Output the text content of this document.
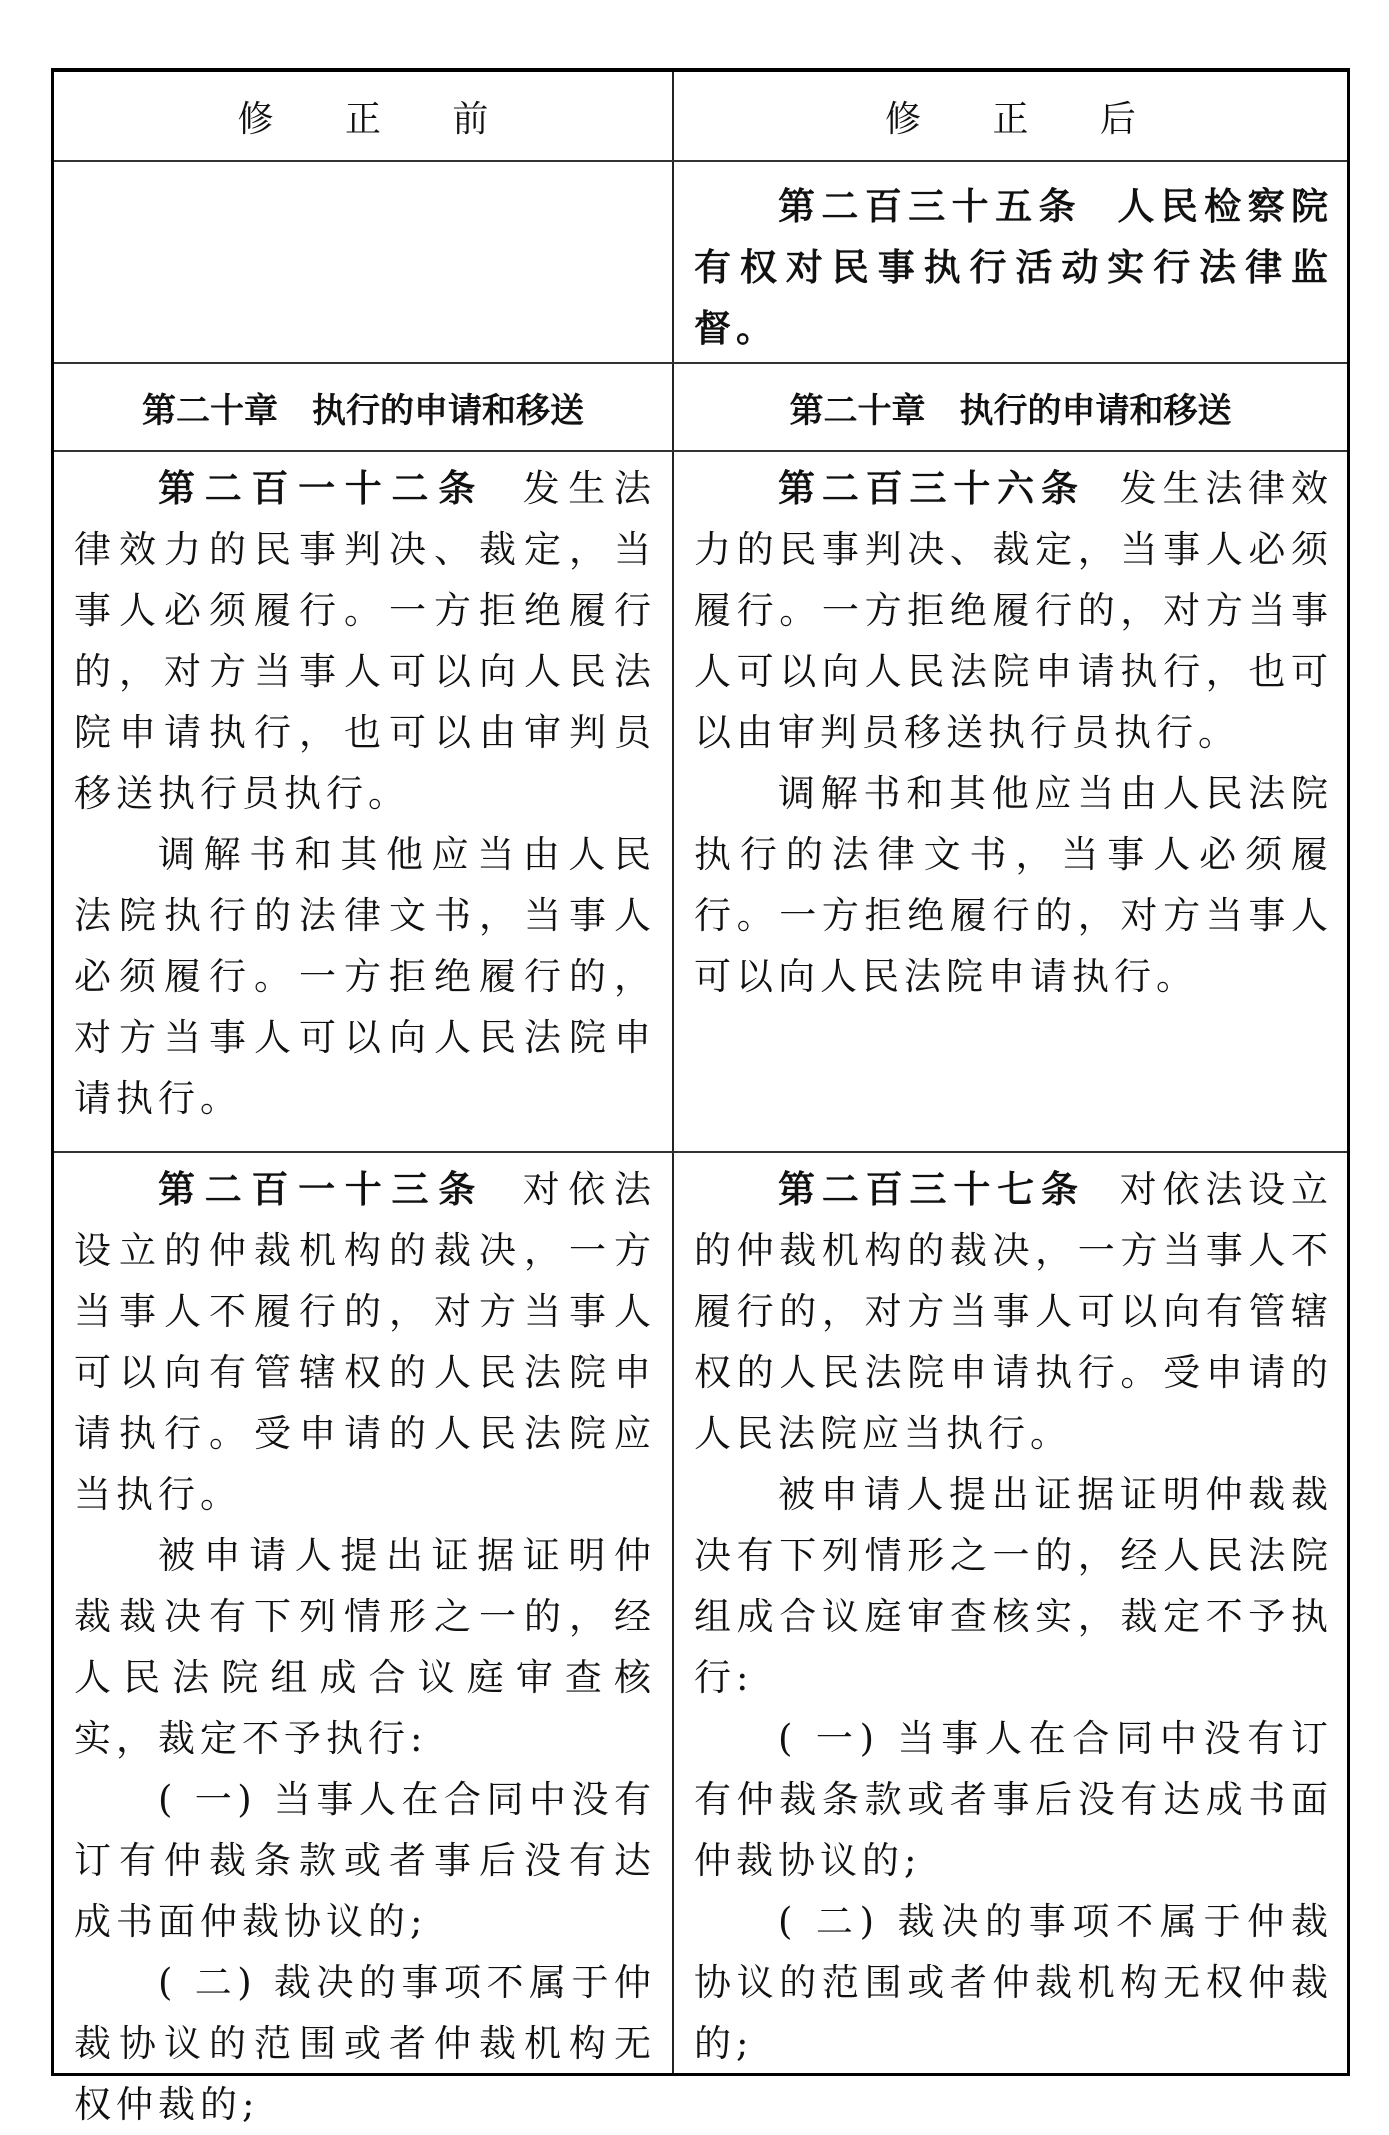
修 正 前	修 正 后

第二百三十五条 人民检察院有权对民事执行活动实行法律监督。

第二十章 执行的申请和移送	第二十章 执行的申请和移送

第二百一十二条 发生法律效力的民事判决、裁定，当事人必须履行。一方拒绝履行的，对方当事人可以向人民法院申请执行，也可以由审判员移送执行员执行。

调解书和其他应当由人民法院执行的法律文书，当事人必须履行。一方拒绝履行的，对方当事人可以向人民法院申请执行。

第二百三十六条 发生法律效力的民事判决、裁定，当事人必须履行。一方拒绝履行的，对方当事人可以向人民法院申请执行，也可以由审判员移送执行员执行。

调解书和其他应当由人民法院执行的法律文书，当事人必须履行。一方拒绝履行的，对方当事人可以向人民法院申请执行。

第二百一十三条 对依法设立的仲裁机构的裁决，一方当事人不履行的，对方当事人可以向有管辖权的人民法院申请执行。受申请的人民法院应当执行。

被申请人提出证据证明仲裁裁决有下列情形之一的，经人民法院组成合议庭审查核实，裁定不予执行:

( 一) 当事人在合同中没有订有仲裁条款或者事后没有达成书面仲裁协议的;

( 二) 裁决的事项不属于仲裁协议的范围或者仲裁机构无权仲裁的;

第二百三十七条 对依法设立的仲裁机构的裁决，一方当事人不履行的，对方当事人可以向有管辖权的人民法院申请执行。受申请的人民法院应当执行。

被申请人提出证据证明仲裁裁决有下列情形之一的，经人民法院组成合议庭审查核实，裁定不予执行:

( 一) 当事人在合同中没有订有仲裁条款或者事后没有达成书面仲裁协议的;

( 二) 裁决的事项不属于仲裁协议的范围或者仲裁机构无权仲裁的;
